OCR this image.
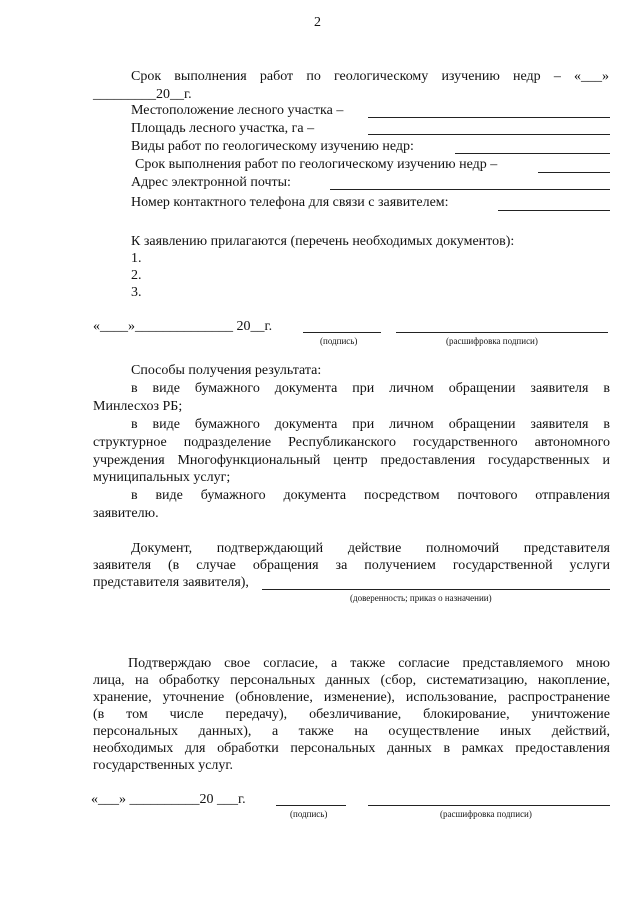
2
Срок выполнения работ по геологическому изучению недр – «___»
_________20__г.
Местоположение лесного участка –
Площадь лесного участка, га –
Виды работ по геологическому изучению недр:
Срок выполнения работ по геологическому изучению недр –
Адрес электронной почты:
Номер контактного телефона для связи с заявителем:
К заявлению прилагаются (перечень необходимых документов):
1.
2.
3.
«____»______________ 20__г.
(подпись)	(расшифровка подписи)
Способы получения результата:
в виде бумажного документа при личном обращении заявителя в
Минлесхоз РБ;
в виде бумажного документа при личном обращении заявителя в
структурное подразделение Республиканского государственного автономного
учреждения Многофункциональный центр предоставления государственных и
муниципальных услуг;
в виде бумажного документа посредством почтового отправления
заявителю.
Документ, подтверждающий действие полномочий представителя
заявителя (в случае обращения за получением государственной услуги
представителя заявителя),
(доверенность; приказ о назначении)
Подтверждаю свое согласие, а также согласие представляемого мною
лица, на обработку персональных данных (сбор, систематизацию, накопление,
хранение, уточнение (обновление, изменение), использование, распространение
(в том числе передачу), обезличивание, блокирование, уничтожение
персональных данных), а также на осуществление иных действий,
необходимых для обработки персональных данных в рамках предоставления
государственных услуг.
«___» __________20 ___г.
(подпись)	(расшифровка подписи)
